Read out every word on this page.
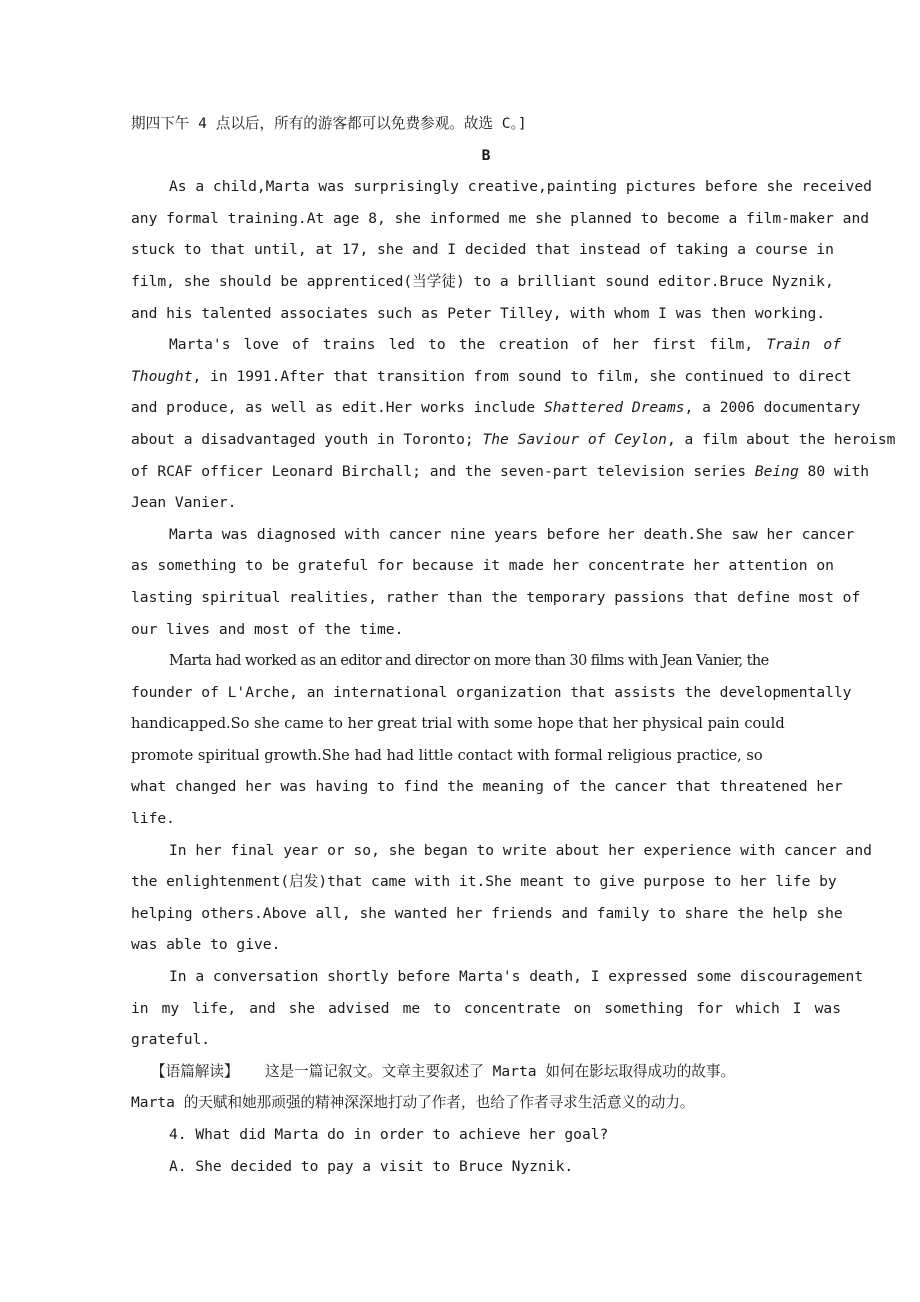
期四下午 4 点以后，所有的游客都可以免费参观。故选 C。]
B
As a child,Marta was surprisingly creative,painting pictures before she received
any formal training.At age 8, she informed me she planned to become a film-maker and
stuck to that until, at 17, she and I decided that instead of taking a course in
film, she should be apprenticed(当学徒) to a brilliant sound editor.Bruce Nyznik,
and his talented associates such as Peter Tilley, with whom I was then working.
Marta's love of trains led to the creation of her first film, Train of
Thought, in 1991.After that transition from sound to film, she continued to direct
and produce, as well as edit.Her works include Shattered Dreams, a 2006 documentary
about a disadvantaged youth in Toronto; The Saviour of Ceylon, a film about the heroism
of RCAF officer Leonard Birchall; and the seven-part television series Being 80 with
Jean Vanier.
Marta was diagnosed with cancer nine years before her death.She saw her cancer
as something to be grateful for because it made her concentrate her attention on
lasting spiritual realities, rather than the temporary passions that define most of
our lives and most of the time.
Marta had worked as an editor and director on more than 30 films with Jean Vanier, the
founder of L'Arche, an international organization that assists the developmentally
handicapped.So she came to her great trial with some hope that her physical pain could
promote spiritual growth.She had had little contact with formal religious practice, so
what changed her was having to find the meaning of the cancer that threatened her
life.
In her final year or so, she began to write about her experience with cancer and
the enlightenment(启发)that came with it.She meant to give purpose to her life by
helping others.Above all, she wanted her friends and family to share the help she
was able to give.
In a conversation shortly before Marta's death, I expressed some discouragement
in my life, and she advised me to concentrate on something for which I was
grateful.
【语篇解读】 这是一篇记叙文。文章主要叙述了 Marta 如何在影坛取得成功的故事。
Marta 的天赋和她那顽强的精神深深地打动了作者，也给了作者寻求生活意义的动力。
4. What did Marta do in order to achieve her goal?
A. She decided to pay a visit to Bruce Nyznik.
